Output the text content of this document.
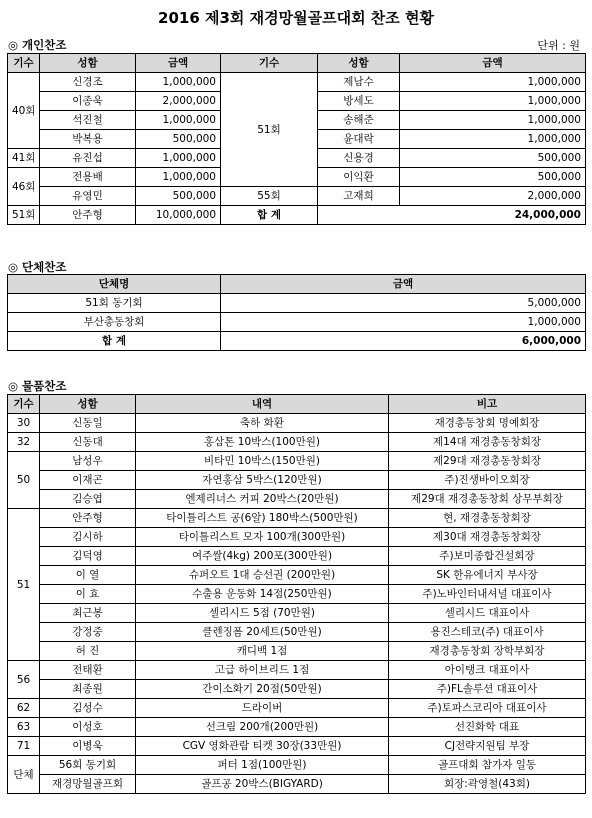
2016 제3회 재경망월골프대회 찬조 현황
◎ 개인찬조	단위 : 원
기수	성함	금액	기수	성함	금액
40회	신경조	1,000,000	51회	제남수	1,000,000
	이종욱	2,000,000		방세도	1,000,000
	석진철	1,000,000		송해준	1,000,000
	박복용	500,000		윤대락	1,000,000
41회	유진섭	1,000,000		신용경	500,000
46회	전용배	1,000,000		이익환	500,000
	유영민	500,000	55회	고재희	2,000,000
51회	안주형	10,000,000	합 계	24,000,000	
◎ 단체찬조
단체명	금액
51회 동기회	5,000,000
부산총동창회	1,000,000
합 계	6,000,000
◎ 물품찬조
기수	성함	내역	비고
30	신동일	축하 화환	재경총동창회 명예회장
32	신동대	홍삼톤 10박스(100만원)	제14대 재경총동창회장
50	남성우	비타민 10박스(150만원)	제29대 재경총동창회장
	이재곤	자연홍삼 5박스(120만원)	주)진생바이오회장
	김승엽	엔제리너스 커피 20박스(20만원)	제29대 재경총동창회 상무부회장
51	안주형	타이틀리스트 공(6알) 180박스(500만원)	현, 재경총동창회장
	김시하	타이틀리스트 모자 100개(300만원)	제30대 재경총동창회장
	김덕영	여주쌀(4kg) 200포(300만원)	주)보미종합건설회장
	이 열	슈퍼오트 1대 승선권 (200만원)	SK 한유에너지 부사장
	이 효	수출용 운동화 14점(250만원)	주)노바인터내셔널 대표이사
	최근봉	셀리시드 5점 (70만원)	셀리시드 대표이사
	강정중	클렌징폼 20세트(50만원)	용진스테코(주) 대표이사
	허 진	캐디백 1점	재경총동창회 장학부회장
56	전태환	고급 하이브리드 1점	아이탱크 대표이사
	최종원	간이소화기 20점(50만원)	주)FL솔루션 대표이사
62	김성수	드라이버	주)토파스코리아 대표이사
63	이성호	선크림 200개(200만원)	선진화학 대표
71	이병욱	CGV 영화관람 티켓 30장(33만원)	CJ전략지원팀 부장
단체	56회 동기회	퍼터 1점(100만원)	골프대회 참가자 일동
	재경망월골프회	골프공 20박스(BIGYARD)	회장:곽영철(43회)
